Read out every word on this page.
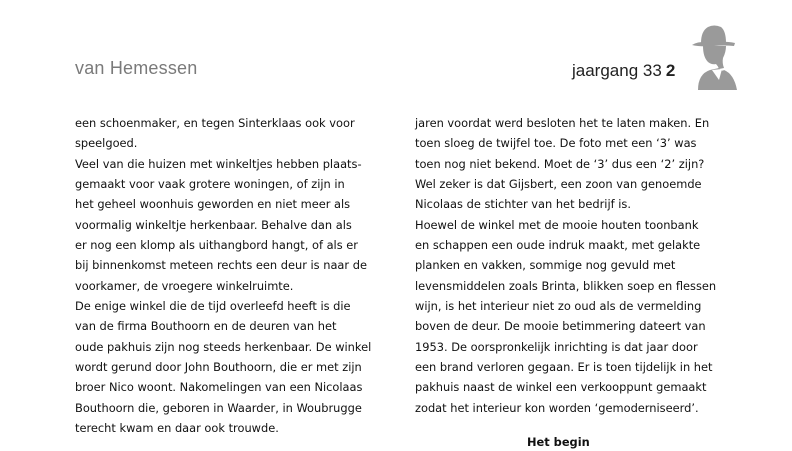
van Hemessen	jaargang 33 2
een schoenmaker, en tegen Sinterklaas ook voor
speelgoed.
Veel van die huizen met winkeltjes hebben plaats-
gemaakt voor vaak grotere woningen, of zijn in
het geheel woonhuis geworden en niet meer als
voormalig winkeltje herkenbaar. Behalve dan als
er nog een klomp als uithangbord hangt, of als er
bij binnenkomst meteen rechts een deur is naar de
voorkamer, de vroegere winkelruimte.
De enige winkel die de tijd overleefd heeft is die
van de firma Bouthoorn en de deuren van het
oude pakhuis zijn nog steeds herkenbaar. De winkel
wordt gerund door John Bouthoorn, die er met zijn
broer Nico woont. Nakomelingen van een Nicolaas
Bouthoorn die, geboren in Waarder, in Woubrugge
terecht kwam en daar ook trouwde.
jaren voordat werd besloten het te laten maken. En
toen sloeg de twijfel toe. De foto met een ‘3’ was
toen nog niet bekend. Moet de ‘3’ dus een ‘2’ zijn?
Wel zeker is dat Gijsbert, een zoon van genoemde
Nicolaas de stichter van het bedrijf is.
Hoewel de winkel met de mooie houten toonbank
en schappen een oude indruk maakt, met gelakte
planken en vakken, sommige nog gevuld met
levensmiddelen zoals Brinta, blikken soep en flessen
wijn, is het interieur niet zo oud als de vermelding
boven de deur. De mooie betimmering dateert van
1953. De oorspronkelijk inrichting is dat jaar door
een brand verloren gegaan. Er is toen tijdelijk in het
pakhuis naast de winkel een verkooppunt gemaakt
zodat het interieur kon worden ‘gemoderniseerd’.
Het begin
